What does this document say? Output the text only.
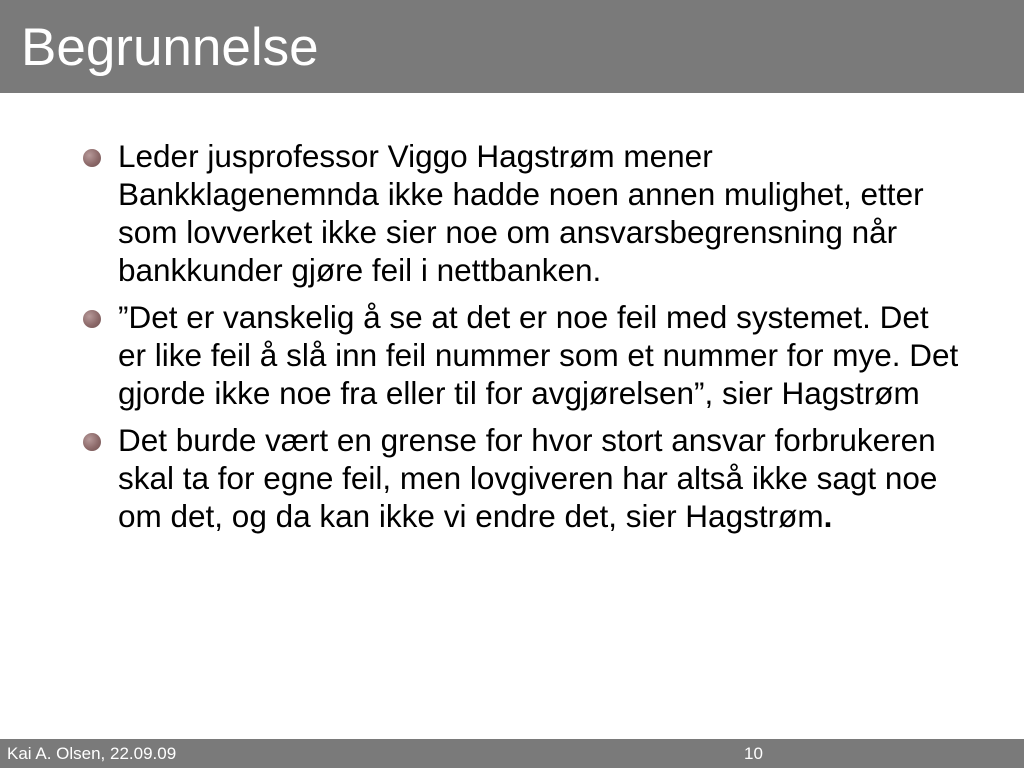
Begrunnelse
Leder jusprofessor Viggo Hagstrøm mener Bankklagenemnda ikke hadde noen annen mulighet, etter som lovverket ikke sier noe om ansvarsbegrensning når bankkunder gjøre feil i nettbanken.
”Det er vanskelig å se at det er noe feil med systemet. Det er like feil å slå inn feil nummer som et nummer for mye. Det gjorde ikke noe fra eller til for avgjørelsen”, sier Hagstrøm
Det burde vært en grense for hvor stort ansvar forbrukeren skal ta for egne feil, men lovgiveren har altså ikke sagt noe om det, og da kan ikke vi endre det, sier Hagstrøm.
Kai A. Olsen, 22.09.09	10
